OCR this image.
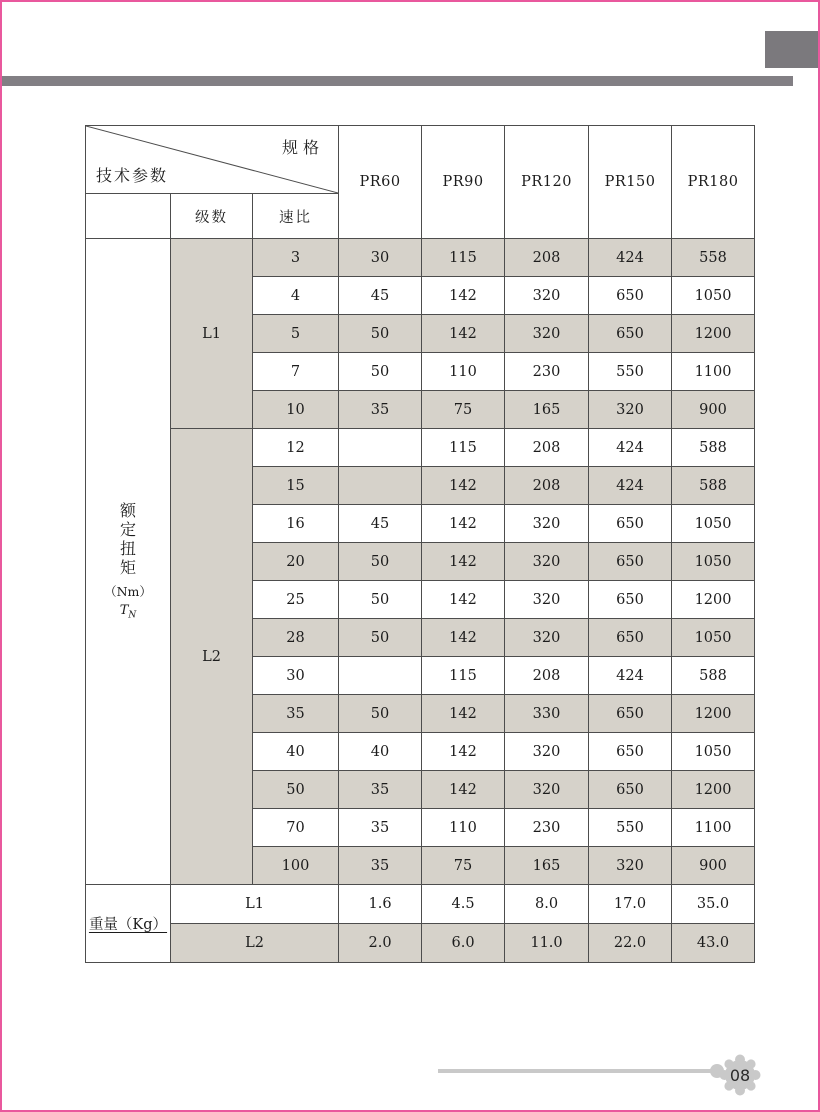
技术参数
规格			PR60	PR90	PR120	PR150	PR180
	级数	速比					

额
定
扭
矩
（Nm）
$T_N$
	L1	3	30	115	208	424	558
		4	45	142	320	650	1050
		5	50	142	320	650	1200
		7	50	110	230	550	1100
		10	35	75	165	320	900
	L2	12		115	208	424	588
		15		142	208	424	588
		16	45	142	320	650	1050
		20	50	142	320	650	1050
		25	50	142	320	650	1200
		28	50	142	320	650	1050
		30		115	208	424	588
		35	50	142	330	650	1200
		40	40	142	320	650	1050
		50	35	142	320	650	1200
		70	35	110	230	550	1100
		100	35	75	165	320	900
重量（Kg）	L1		1.6	4.5	8.0	17.0	35.0
	L2		2.0	6.0	11.0	22.0	43.0
08
